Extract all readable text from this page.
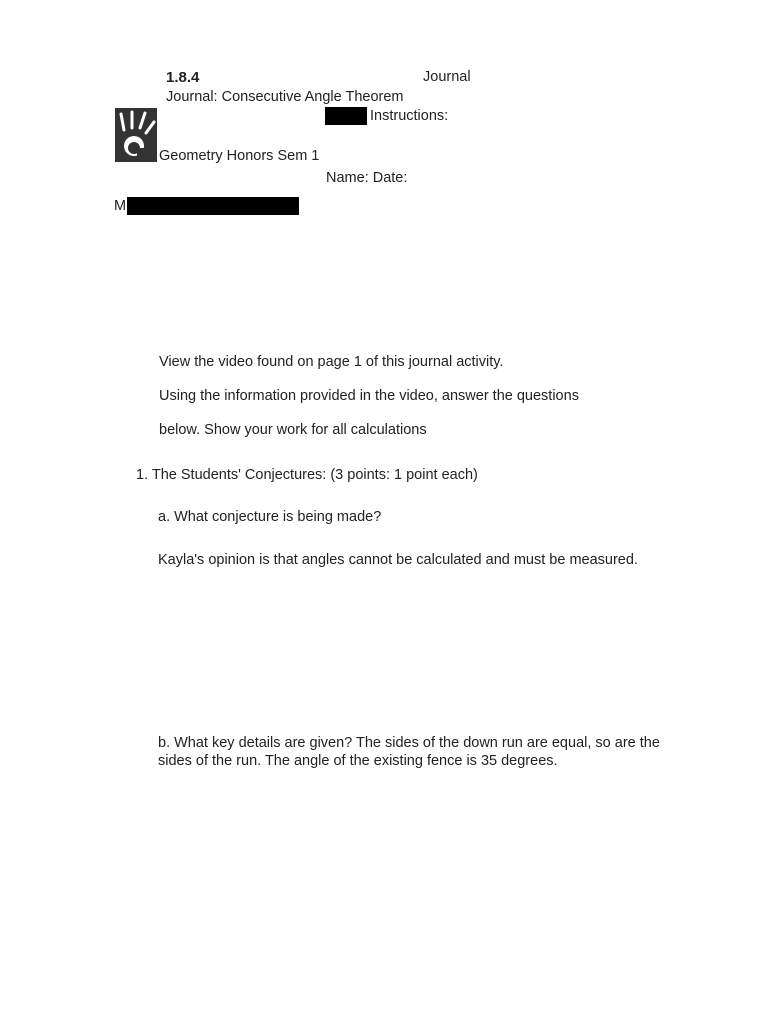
1.8.4	Journal
Journal: Consecutive Angle Theorem
Instructions:
Geometry Honors Sem 1
Name: Date:
M
View the video found on page 1 of this journal activity.
Using the information provided in the video, answer the questions
below. Show your work for all calculations
1. The Students' Conjectures: (3 points: 1 point each)
a. What conjecture is being made?
Kayla's opinion is that angles cannot be calculated and must be measured.
b. What key details are given? The sides of the down run are equal, so are the sides of the run. The angle of the existing fence is 35 degrees.
